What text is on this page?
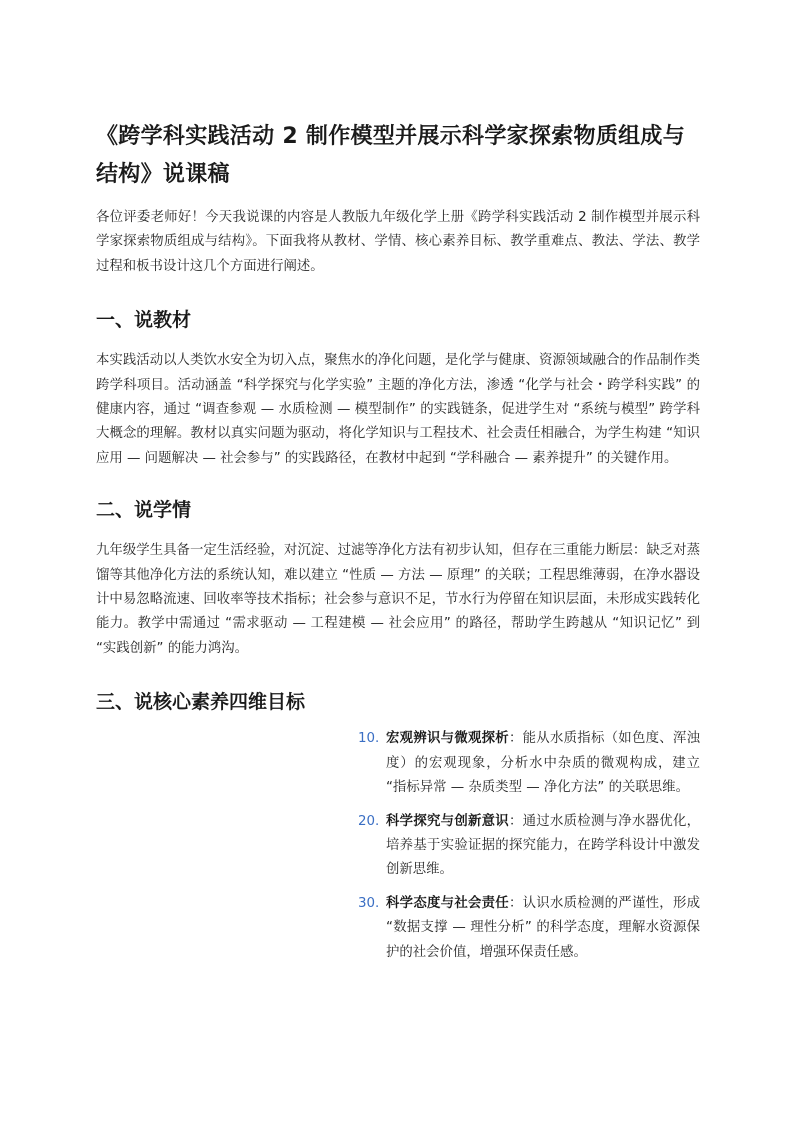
《跨学科实践活动 2 制作模型并展示科学家探索物质组成与结构》说课稿

各位评委老师好！今天我说课的内容是人教版九年级化学上册《跨学科实践活动 2 制作模型并展示科学家探索物质组成与结构》。下面我将从教材、学情、核心素养目标、教学重难点、教法、学法、教学过程和板书设计这几个方面进行阐述。

一、说教材

本实践活动以人类饮水安全为切入点，聚焦水的净化问题，是化学与健康、资源领域融合的作品制作类跨学科项目。活动涵盖 “科学探究与化学实验” 主题的净化方法，渗透 “化学与社会・跨学科实践” 的健康内容，通过 “调查参观 — 水质检测 — 模型制作” 的实践链条，促进学生对 “系统与模型” 跨学科大概念的理解。教材以真实问题为驱动，将化学知识与工程技术、社会责任相融合，为学生构建 “知识应用 — 问题解决 — 社会参与” 的实践路径，在教材中起到 “学科融合 — 素养提升” 的关键作用。

二、说学情

九年级学生具备一定生活经验，对沉淀、过滤等净化方法有初步认知，但存在三重能力断层：缺乏对蒸馏等其他净化方法的系统认知，难以建立 “性质 — 方法 — 原理” 的关联；工程思维薄弱，在净水器设计中易忽略流速、回收率等技术指标；社会参与意识不足，节水行为停留在知识层面，未形成实践转化能力。教学中需通过 “需求驱动 — 工程建模 — 社会应用” 的路径，帮助学生跨越从 “知识记忆” 到 “实践创新” 的能力鸿沟。

三、说核心素养四维目标
10. 宏观辨识与微观探析：能从水质指标（如色度、浑浊度）的宏观现象，分析水中杂质的微观构成，建立 “指标异常 — 杂质类型 — 净化方法” 的关联思维。
20. 科学探究与创新意识：通过水质检测与净水器优化，培养基于实验证据的探究能力，在跨学科设计中激发创新思维。
30. 科学态度与社会责任：认识水质检测的严谨性，形成 “数据支撑 — 理性分析” 的科学态度，理解水资源保护的社会价值，增强环保责任感。
